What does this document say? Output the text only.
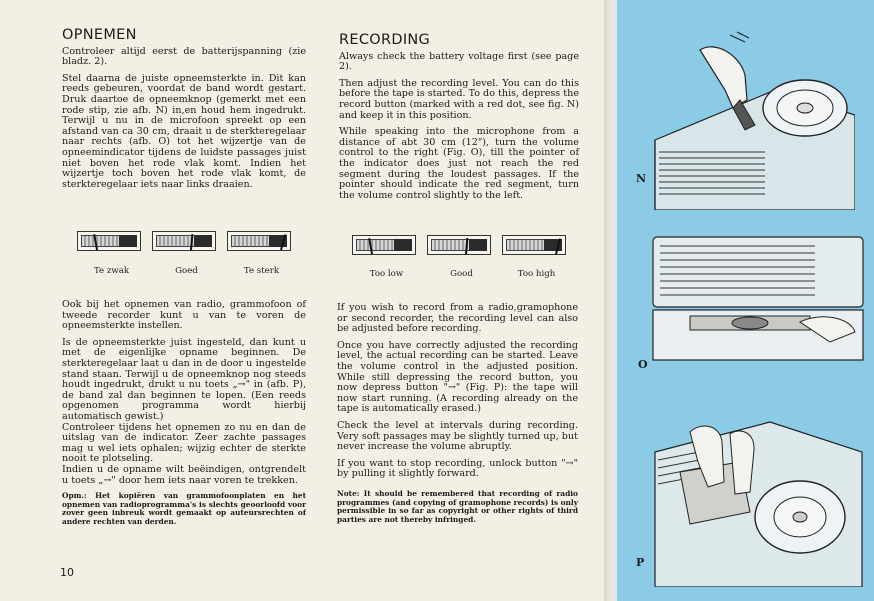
OPNEMEN

Controleer altijd eerst de batterijspanning (zie bladz. 2).

Stel daarna de juiste opneemsterkte in. Dit kan reeds gebeuren, voordat de band wordt gestart. Druk daartoe de opneemknop (gemerkt met een rode stip, zie afb. N) in,en houd hem ingedrukt. Terwijl u nu in de microfoon spreekt op een afstand van ca 30 cm, draait u de sterkteregelaar naar rechts (afb. O) tot het wijzertje van de opneemindicator tijdens de luidste passages juist niet boven het rode vlak komt. Indien het wijzertje toch boven het rode vlak komt, de sterkteregelaar iets naar links draaien.

Te zwak	Goed	Te sterk

Ook bij het opnemen van radio, grammofoon of tweede recorder kunt u van te voren de opneemsterkte instellen.

Is de opneemsterkte juist ingesteld, dan kunt u met de eigenlijke opname beginnen. De sterkteregelaar laat u dan in de door u ingestelde stand staan. Terwijl u de opneemknop nog steeds houdt ingedrukt, drukt u nu toets „→" in (afb. P), de band zal dan beginnen te lopen. (Een reeds opgenomen programma wordt hierbij automatisch gewist.)

Controleer tijdens het opnemen zo nu en dan de uitslag van de indicator. Zeer zachte passages mag u wel iets ophalen; wijzig echter de sterkte nooit te plotseling.

Indien u de opname wilt beëindigen, ontgrendelt u toets „→" door hem iets naar voren te trekken.

Opm.: Het kopiëren van grammofoonplaten en het opnemen van radioprogramma's is slechts geoorloofd voor zover geen inbreuk wordt gemaakt op auteursrechten of andere rechten van derden.

10
RECORDING

Always check the battery voltage first (see page 2).

Then adjust the recording level. You can do this before the tape is started. To do this, depress the record button (marked with a red dot, see fig. N) and keep it in this position.

While speaking into the microphone from a distance of abt 30 cm (12"), turn the volume control to the right (Fig. O), till the pointer of the indicator does just not reach the red segment during the loudest passages. If the pointer should indicate the red segment, turn the volume control slightly to the left.

Too low	Good	Too high

If you wish to record from a radio,gramophone or second recorder, the recording level can also be adjusted before recording.

Once you have correctly adjusted the recording level, the actual recording can be started. Leave the volume control in the adjusted position. While still depressing the record button, you now depress button "→" (Fig. P): the tape will now start running. (A recording already on the tape is automatically erased.)

Check the level at intervals during recording. Very soft passages may be slightly turned up, but never increase the volume abruptly.

If you want to stop recording, unlock button "→" by pulling it slightly forward.

Note: It should be remembered that recording of radio programmes (and copying of gramophone records) is only permissible in so far as copyright or other rights of third parties are not thereby infringed.

N
O
P
